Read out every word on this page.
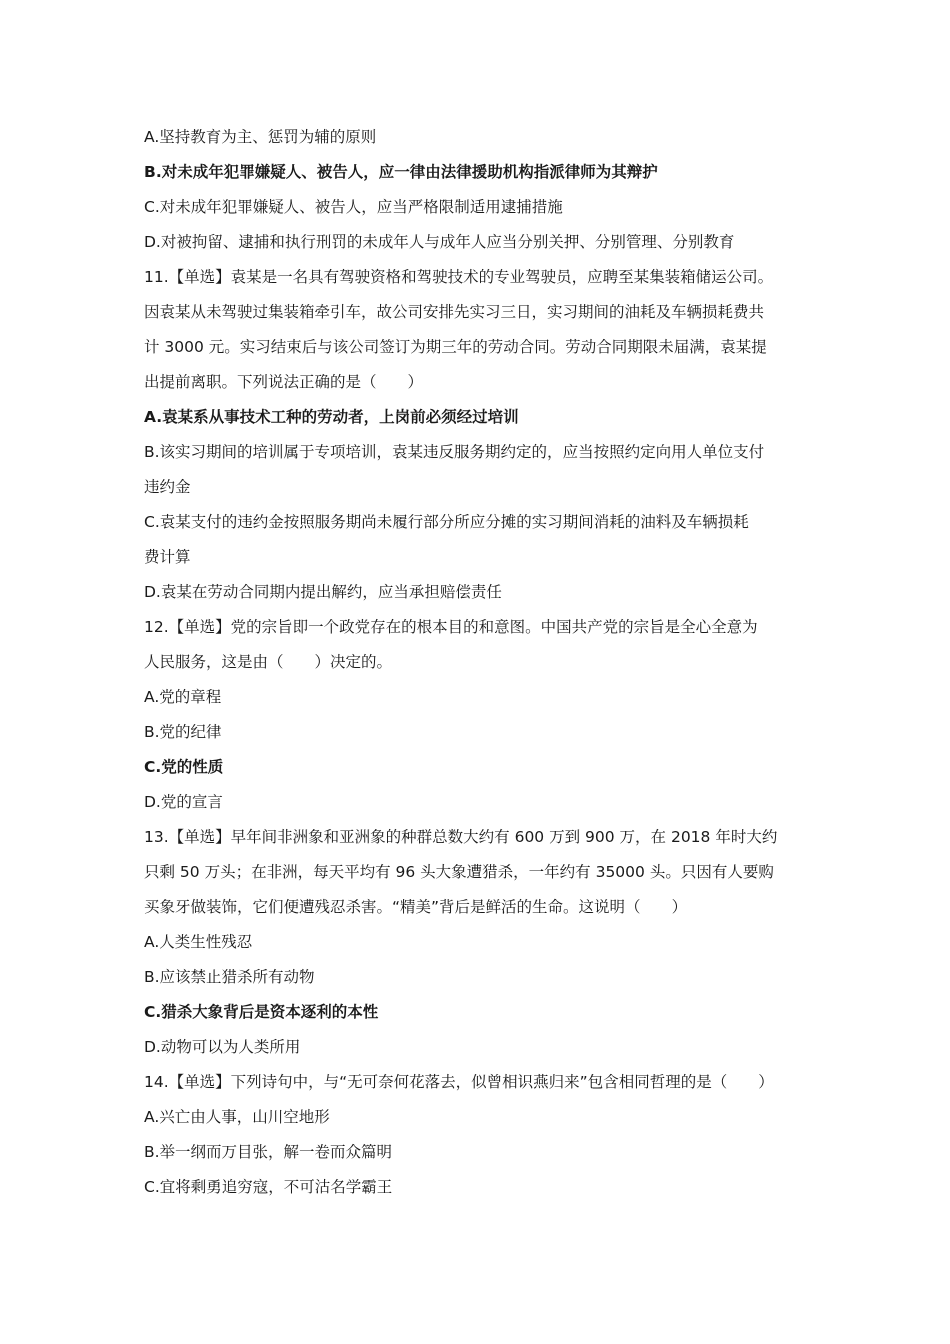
A.坚持教育为主、惩罚为辅的原则
B.对未成年犯罪嫌疑人、被告人，应一律由法律援助机构指派律师为其辩护
C.对未成年犯罪嫌疑人、被告人，应当严格限制适用逮捕措施
D.对被拘留、逮捕和执行刑罚的未成年人与成年人应当分别关押、分别管理、分别教育
11.【单选】袁某是一名具有驾驶资格和驾驶技术的专业驾驶员，应聘至某集装箱储运公司。
因袁某从未驾驶过集装箱牵引车，故公司安排先实习三日，实习期间的油耗及车辆损耗费共
计 3000 元。实习结束后与该公司签订为期三年的劳动合同。劳动合同期限未届满，袁某提
出提前离职。下列说法正确的是（　　）
A.袁某系从事技术工种的劳动者，上岗前必须经过培训
B.该实习期间的培训属于专项培训，袁某违反服务期约定的，应当按照约定向用人单位支付
违约金
C.袁某支付的违约金按照服务期尚未履行部分所应分摊的实习期间消耗的油料及车辆损耗
费计算
D.袁某在劳动合同期内提出解约，应当承担赔偿责任
12.【单选】党的宗旨即一个政党存在的根本目的和意图。中国共产党的宗旨是全心全意为
人民服务，这是由（　　）决定的。
A.党的章程
B.党的纪律
C.党的性质
D.党的宣言
13.【单选】早年间非洲象和亚洲象的种群总数大约有 600 万到 900 万，在 2018 年时大约
只剩 50 万头；在非洲，每天平均有 96 头大象遭猎杀，一年约有 35000 头。只因有人要购
买象牙做装饰，它们便遭残忍杀害。“精美”背后是鲜活的生命。这说明（　　）
A.人类生性残忍
B.应该禁止猎杀所有动物
C.猎杀大象背后是资本逐利的本性
D.动物可以为人类所用
14.【单选】下列诗句中，与“无可奈何花落去，似曾相识燕归来”包含相同哲理的是（　　）
A.兴亡由人事，山川空地形
B.举一纲而万目张，解一卷而众篇明
C.宜将剩勇追穷寇，不可沽名学霸王
